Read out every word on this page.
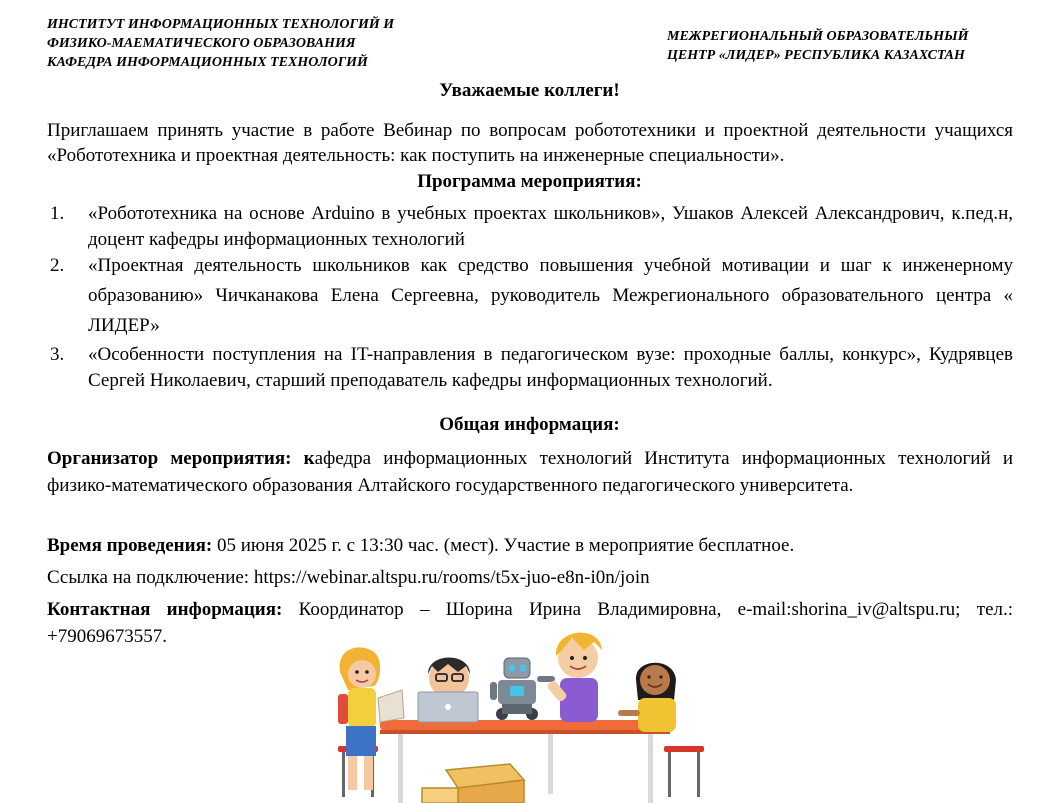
ИНСТИТУТ ИНФОРМАЦИОННЫХ ТЕХНОЛОГИЙ И
ФИЗИКО-МАЕМАТИЧЕСКОГО ОБРАЗОВАНИЯ
КАФЕДРА ИНФОРМАЦИОННЫХ ТЕХНОЛОГИЙ
МЕЖРЕГИОНАЛЬНЫЙ ОБРАЗОВАТЕЛЬНЫЙ
ЦЕНТР «ЛИДЕР» РЕСПУБЛИКА КАЗАХСТАН
Уважаемые коллеги!
Приглашаем принять участие в работе Вебинар по вопросам робототехники и проектной деятельности учащихся «Робототехника и проектная деятельность: как поступить на инженерные специальности».
Программа мероприятия:
1. «Робототехника на основе Arduino в учебных проектах школьников», Ушаков Алексей Александрович, к.пед.н, доцент кафедры информационных технологий
2. «Проектная деятельность школьников как средство повышения учебной мотивации и шаг к инженерному образованию» Чичканакова Елена Сергеевна, руководитель Межрегионального образовательного центра « ЛИДЕР»
3. «Особенности поступления на IT-направления в педагогическом вузе: проходные баллы, конкурс», Кудрявцев Сергей Николаевич, старший преподаватель кафедры информационных технологий.
Общая информация:
Организатор мероприятия: кафедра информационных технологий Института информационных технологий и физико-математического образования Алтайского государственного педагогического университета.
Время проведения: 05 июня 2025 г. с 13:30 час. (мест). Участие в мероприятие бесплатное.
Ссылка на подключение: https://webinar.altspu.ru/rooms/t5x-juo-e8n-i0n/join
Контактная информация: Координатор – Шорина Ирина Владимировна, e-mail:shorina_iv@altspu.ru; тел.: +79069673557.
